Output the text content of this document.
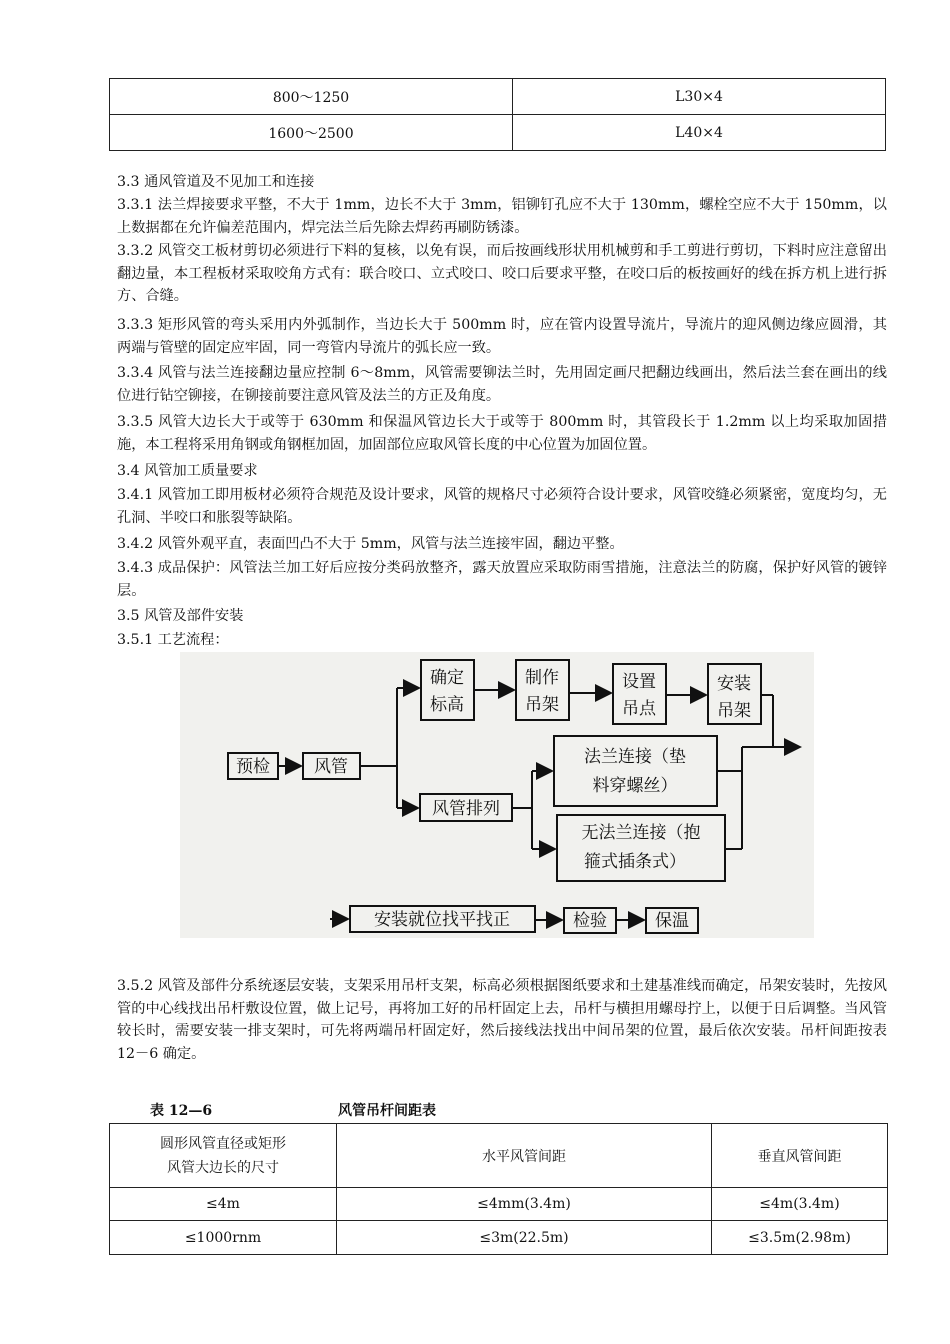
800～1250	L30×4
1600～2500	L40×4
3.3 通风管道及不见加工和连接
3.3.1 法兰焊接要求平整，不大于 1mm，边长不大于 3mm，铝铆钉孔应不大于 130mm，螺栓空应不大于 150mm，以上数据都在允许偏差范围内，焊完法兰后先除去焊药再刷防锈漆。
3.3.2 风管交工板材剪切必须进行下料的复核，以免有误，而后按画线形状用机械剪和手工剪进行剪切，下料时应注意留出翻边量，本工程板材采取咬角方式有：联合咬口、立式咬口、咬口后要求平整，在咬口后的板按画好的线在拆方机上进行拆方、合缝。
3.3.3 矩形风管的弯头采用内外弧制作，当边长大于 500mm 时，应在管内设置导流片，导流片的迎风侧边缘应圆滑，其两端与管壁的固定应牢固，同一弯管内导流片的弧长应一致。
3.3.4 风管与法兰连接翻边量应控制 6～8mm，风管需要铆法兰时，先用固定画尺把翻边线画出，然后法兰套在画出的线位进行钻空铆接，在铆接前要注意风管及法兰的方正及角度。
3.3.5 风管大边长大于或等于 630mm 和保温风管边长大于或等于 800mm 时，其管段长于 1.2mm 以上均采取加固措施，本工程将采用角钢或角钢框加固，加固部位应取风管长度的中心位置为加固位置。
3.4 风管加工质量要求
3.4.1 风管加工即用板材必须符合规范及设计要求，风管的规格尺寸必须符合设计要求，风管咬缝必须紧密，宽度均匀，无孔洞、半咬口和胀裂等缺陷。
3.4.2 风管外观平直，表面凹凸不大于 5mm，风管与法兰连接牢固，翻边平整。
3.4.3 成品保护：风管法兰加工好后应按分类码放整齐，露天放置应采取防雨雪措施，注意法兰的防腐，保护好风管的镀锌层。
3.5 风管及部件安装
3.5.1 工艺流程：
预检	风管
确定
标高
制作
吊架
设置
吊点
安装
吊架
风管排列
法兰连接（垫
料穿螺丝）
无法兰连接（抱
箍式插条式）
安装就位找平找正	检验	保温
3.5.2 风管及部件分系统逐层安装，支架采用吊杆支架，标高必须根据图纸要求和土建基准线而确定，吊架安装时，先按风管的中心线找出吊杆敷设位置，做上记号，再将加工好的吊杆固定上去，吊杆与横担用螺母拧上，以便于日后调整。当风管较长时，需要安装一排支架时，可先将两端吊杆固定好，然后接线法找出中间吊架的位置，最后依次安装。吊杆间距按表 12－6 确定。
表 12—6	风管吊杆间距表
圆形风管直径或矩形
风管大边长的尺寸	水平风管间距	垂直风管间距
≤4m	≤4mm(3.4m)	≤4m(3.4m)
≤1000rnm	≤3m(22.5m)	≤3.5m(2.98m)
